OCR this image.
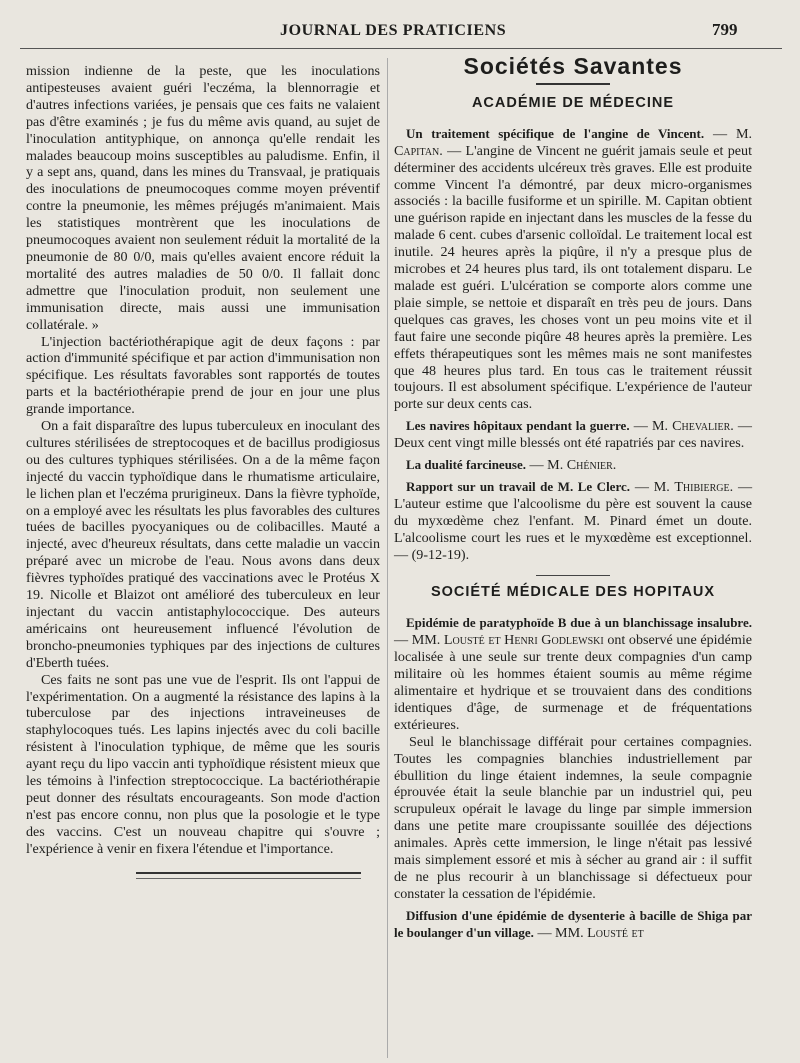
JOURNAL DES PRATICIENS	799

mission indienne de la peste, que les inoculations antipesteuses avaient guéri l'eczéma, la blennorragie et d'autres infections variées, je pensais que ces faits ne valaient pas d'être examinés ; je fus du même avis quand, au sujet de l'inoculation antityphique, on annonça qu'elle rendait les malades beaucoup moins susceptibles au paludisme. Enfin, il y a sept ans, quand, dans les mines du Transvaal, je pratiquais des inoculations de pneumocoques comme moyen préventif contre la pneumonie, les mêmes préjugés m'animaient. Mais les statistiques montrèrent que les inoculations de pneumocoques avaient non seulement réduit la mortalité de la pneumonie de 80 0/0, mais qu'elles avaient encore réduit la mortalité des autres maladies de 50 0/0. Il fallait donc admettre que l'inoculation produit, non seulement une immunisation directe, mais aussi une immunisation collatérale. »

L'injection bactériothérapique agit de deux façons : par action d'immunité spécifique et par action d'immunisation non spécifique. Les résultats favorables sont rapportés de toutes parts et la bactériothérapie prend de jour en jour une plus grande importance.

On a fait disparaître des lupus tuberculeux en inoculant des cultures stérilisées de streptocoques et de bacillus prodigiosus ou des cultures typhiques stérilisées. On a de la même façon injecté du vaccin typhoïdique dans le rhumatisme articulaire, le lichen plan et l'eczéma prurigineux. Dans la fièvre typhoïde, on a employé avec les résultats les plus favorables des cultures tuées de bacilles pyocyaniques ou de colibacilles. Mauté a injecté, avec d'heureux résultats, dans cette maladie un vaccin préparé avec un microbe de l'eau. Nous avons dans deux fièvres typhoïdes pratiqué des vaccinations avec le Protéus X 19. Nicolle et Blaizot ont amélioré des tuberculeux en leur injectant du vaccin antistaphylococcique. Des auteurs américains ont heureusement influencé l'évolution de broncho-pneumonies typhiques par des injections de cultures d'Eberth tuées.

Ces faits ne sont pas une vue de l'esprit. Ils ont l'appui de l'expérimentation. On a augmenté la résistance des lapins à la tuberculose par des injections intraveineuses de staphylocoques tués. Les lapins injectés avec du coli bacille résistent à l'inoculation typhique, de même que les souris ayant reçu du lipo vaccin anti typhoïdique résistent mieux que les témoins à l'infection streptococcique. La bactériothérapie peut donner des résultats encourageants. Son mode d'action n'est pas encore connu, non plus que la posologie et le type des vaccins. C'est un nouveau chapitre qui s'ouvre ; l'expérience à venir en fixera l'étendue et l'importance.

Sociétés Savantes
ACADÉMIE DE MÉDECINE

Un traitement spécifique de l'angine de Vincent. — M. Capitan. — L'angine de Vincent ne guérit jamais seule et peut déterminer des accidents ulcéreux très graves. Elle est produite comme Vincent l'a démontré, par deux micro-organismes associés : la bacille fusiforme et un spirille. M. Capitan obtient une guérison rapide en injectant dans les muscles de la fesse du malade 6 cent. cubes d'arsenic colloïdal. Le traitement local est inutile. 24 heures après la piqûre, il n'y a presque plus de microbes et 24 heures plus tard, ils ont totalement disparu. Le malade est guéri. L'ulcération se comporte alors comme une plaie simple, se nettoie et disparaît en très peu de jours. Dans quelques cas graves, les choses vont un peu moins vite et il faut faire une seconde piqûre 48 heures après la première. Les effets thérapeutiques sont les mêmes mais ne sont manifestes que 48 heures plus tard. En tous cas le traitement réussit toujours. Il est absolument spécifique. L'expérience de l'auteur porte sur deux cents cas.

Les navires hôpitaux pendant la guerre. — M. Chevalier. — Deux cent vingt mille blessés ont été rapatriés par ces navires.

La dualité farcineuse. — M. Chénier.

Rapport sur un travail de M. Le Clerc. — M. Thibierge. — L'auteur estime que l'alcoolisme du père est souvent la cause du myxœdème chez l'enfant. M. Pinard émet un doute. L'alcoolisme court les rues et le myxœdème est exceptionnel. — (9-12-19).

SOCIÉTÉ MÉDICALE DES HOPITAUX

Epidémie de paratyphoïde B due à un blanchissage insalubre. — MM. Lousté et Henri Godlewski ont observé une épidémie localisée à une seule sur trente deux compagnies d'un camp militaire où les hommes étaient soumis au même régime alimentaire et hydrique et se trouvaient dans des conditions identiques d'âge, de surmenage et de fréquentations extérieures.

Seul le blanchissage différait pour certaines compagnies. Toutes les compagnies blanchies industriellement par ébullition du linge étaient indemnes, la seule compagnie éprouvée était la seule blanchie par un industriel qui, peu scrupuleux opérait le lavage du linge par simple immersion dans une petite mare croupissante souillée des déjections animales. Après cette immersion, le linge n'était pas lessivé mais simplement essoré et mis à sécher au grand air : il suffit de ne plus recourir à un blanchissage si défectueux pour constater la cessation de l'épidémie.

Diffusion d'une épidémie de dysenterie à bacille de Shiga par le boulanger d'un village. — MM. Lousté et
